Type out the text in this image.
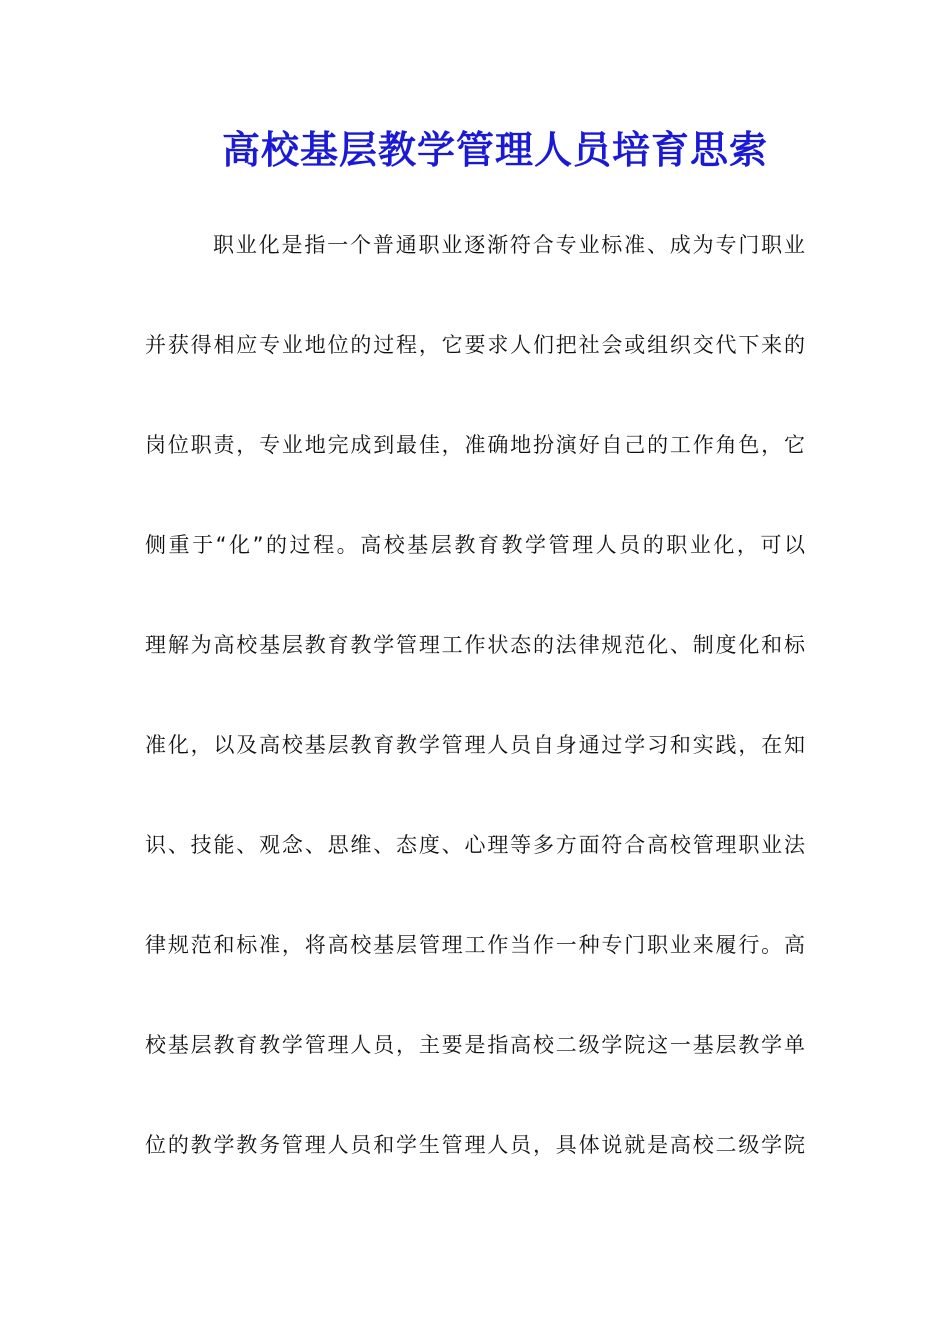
高校基层教学管理人员培育思索
职业化是指一个普通职业逐渐符合专业标准、成为专门职业
并获得相应专业地位的过程，它要求人们把社会或组织交代下来的
岗位职责，专业地完成到最佳，准确地扮演好自己的工作角色，它
侧重于“化”的过程。高校基层教育教学管理人员的职业化，可以
理解为高校基层教育教学管理工作状态的法律规范化、制度化和标
准化，以及高校基层教育教学管理人员自身通过学习和实践，在知
识、技能、观念、思维、态度、心理等多方面符合高校管理职业法
律规范和标准，将高校基层管理工作当作一种专门职业来履行。高
校基层教育教学管理人员，主要是指高校二级学院这一基层教学单
位的教学教务管理人员和学生管理人员，具体说就是高校二级学院
